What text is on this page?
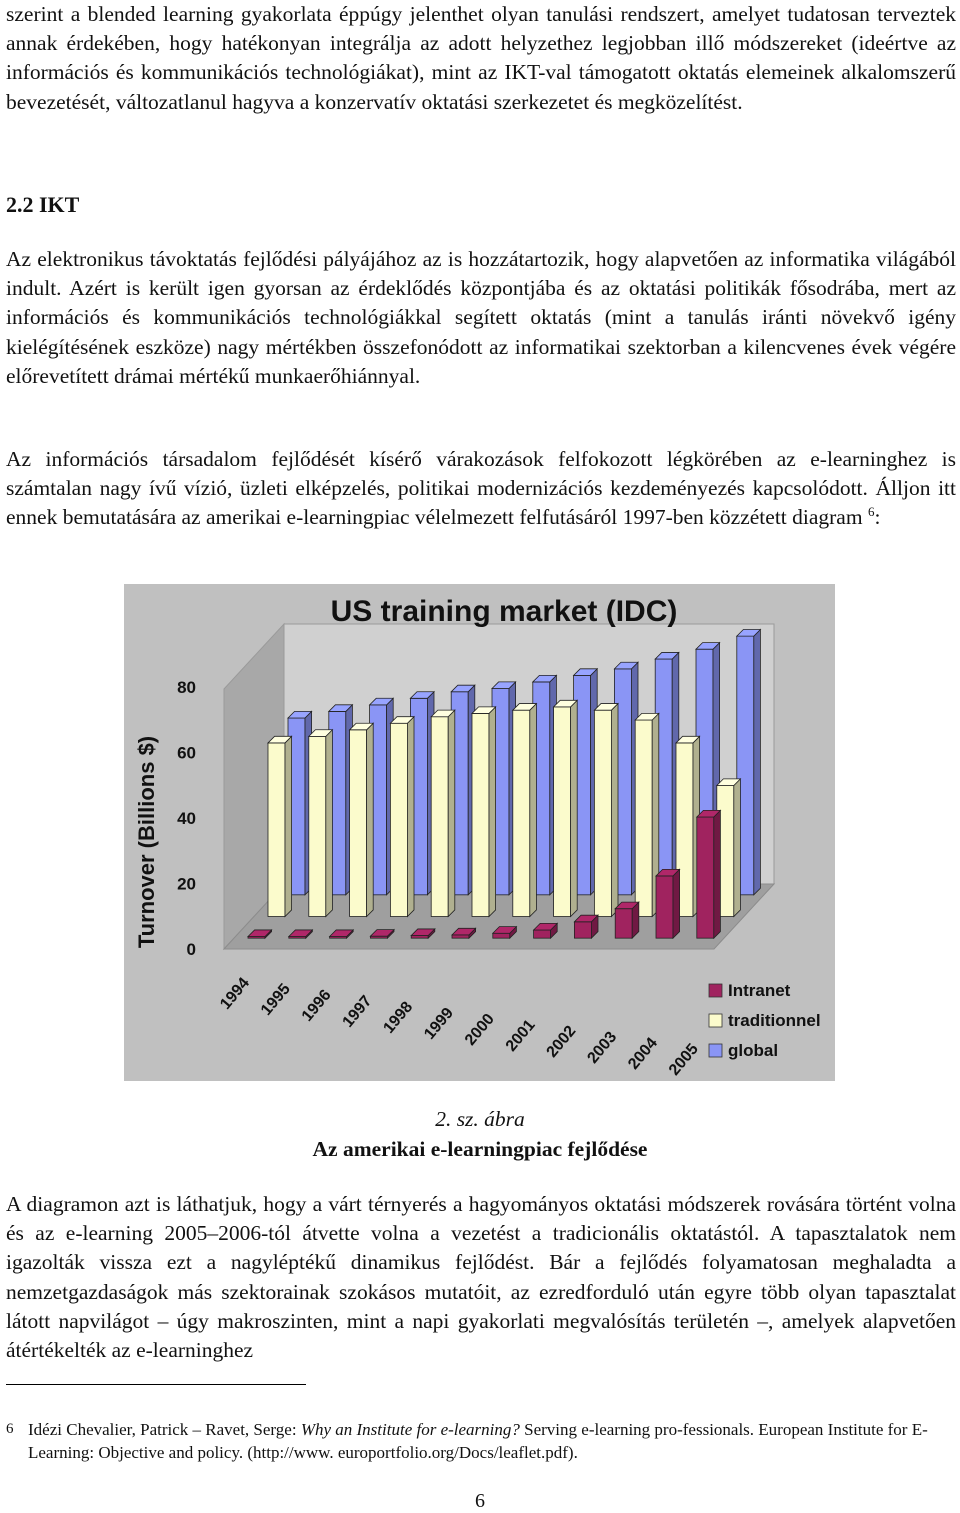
szerint a blended learning gyakorlata éppúgy jelenthet olyan tanulási rendszert, amelyet tudatosan terveztek annak érdekében, hogy hatékonyan integrálja az adott helyzethez legjobban illő módszereket (ideértve az információs és kommunikációs technológiákat), mint az IKT-val támogatott oktatás elemeinek alkalomszerű bevezetését, változatlanul hagyva a konzervatív oktatási szerkezetet és megközelítést.

2.2 IKT

Az elektronikus távoktatás fejlődési pályájához az is hozzátartozik, hogy alapvetően az informatika világából indult. Azért is került igen gyorsan az érdeklődés központjába és az oktatási politikák fősodrába, mert az információs és kommunikációs technológiákkal segített oktatás (mint a tanulás iránti növekvő igény kielégítésének eszköze) nagy mértékben összefonódott az informatikai szektorban a kilencvenes évek végére előrevetített drámai mértékű munkaerőhiánnyal.

Az információs társadalom fejlődését kísérő várakozások felfokozott légkörében az e-learninghez is számtalan nagy ívű vízió, üzleti elképzelés, politikai modernizációs kezdeményezés kapcsolódott. Álljon itt ennek bemutatására az amerikai e-learningpiac vélelmezett felfutásáról 1997-ben közzétett diagram $^6$:

US training market (IDC)
Turnover (Billions $)
0
20
40
60
80
1994 1995 1996 1997 1998 1999 2000 2001 2002 2003 2004 2005
Intranet
traditionnel
global

2. sz. ábra

Az amerikai e-learningpiac fejlődése

A diagramon azt is láthatjuk, hogy a várt térnyerés a hagyományos oktatási módszerek rovására történt volna és az e-learning 2005–2006-tól átvette volna a vezetést a tradicionális oktatástól. A tapasztalatok nem igazolták vissza ezt a nagyléptékű dinamikus fejlődést. Bár a fejlődés folyamatosan meghaladta a nemzetgazdaságok más szektorainak szokásos mutatóit, az ezredforduló után egyre több olyan tapasztalat látott napvilágot – úgy makroszinten, mint a napi gyakorlati megvalósítás területén –, amelyek alapvetően átértékelték az e-learninghez

6 Idézi Chevalier, Patrick – Ravet, Serge: Why an Institute for e-learning? Serving e-learning pro-fessionals. European Institute for E-Learning: Objective and policy. (http://www. europortfolio.org/Docs/leaflet.pdf).
6
